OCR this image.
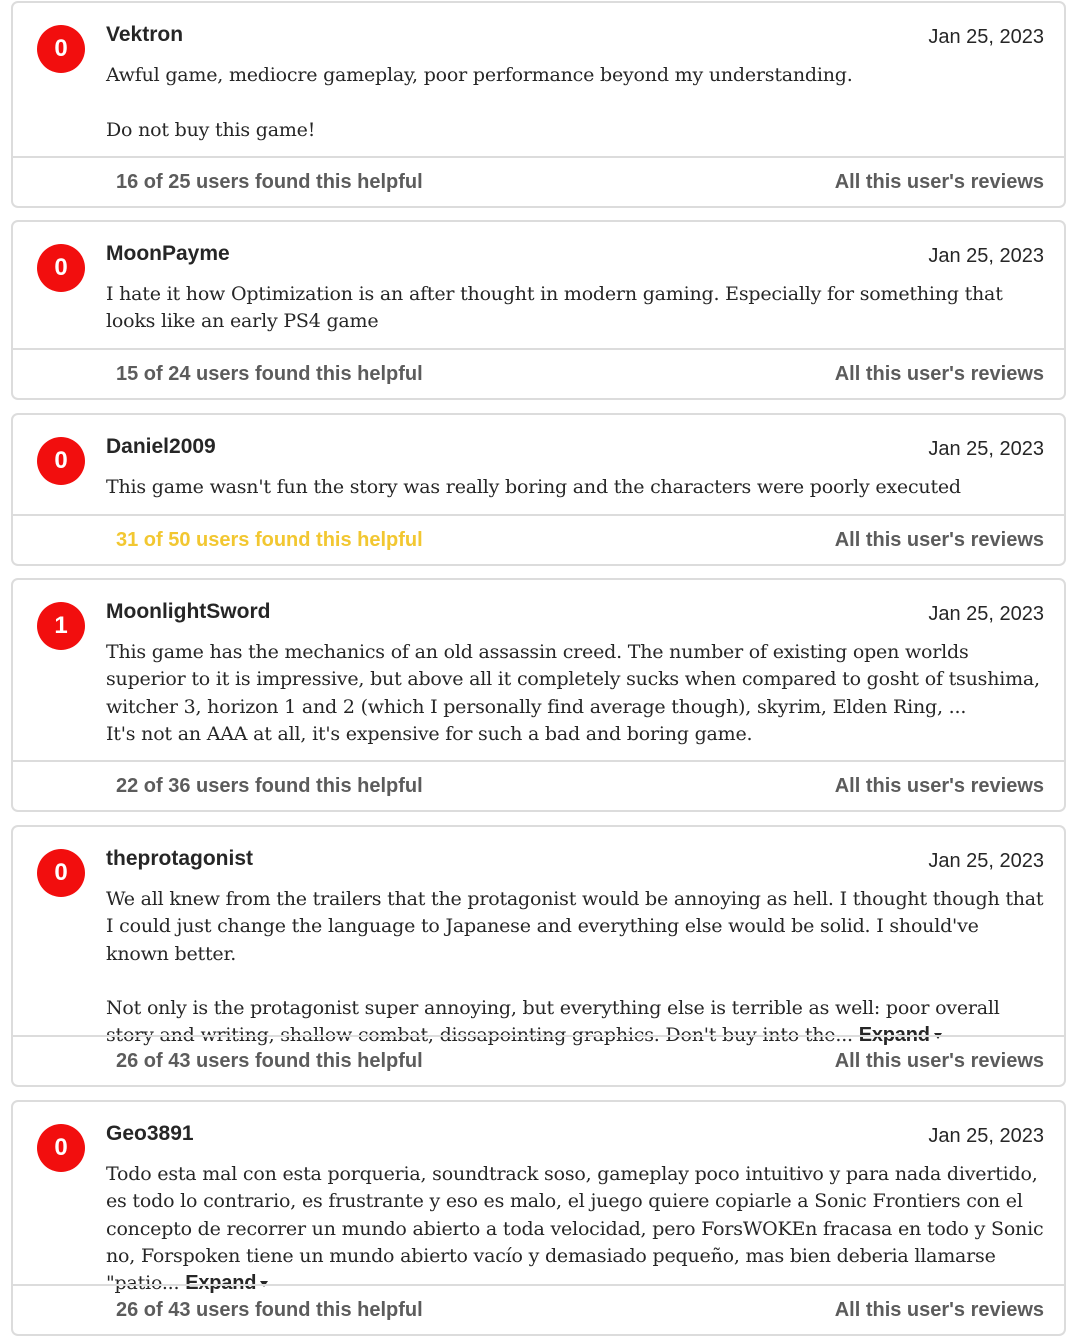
0
Vektron	Jan 25, 2023

Awful game, mediocre gameplay, poor performance beyond my understanding.

Do not buy this game!

16 of 25 users found this helpful	All this user's reviews
0
MoonPayme	Jan 25, 2023

I hate it how Optimization is an after thought in modern gaming. Especially for something that looks like an early PS4 game

15 of 24 users found this helpful	All this user's reviews
0
Daniel2009	Jan 25, 2023

This game wasn't fun the story was really boring and the characters were poorly executed

31 of 50 users found this helpful	All this user's reviews
1
MoonlightSword	Jan 25, 2023

This game has the mechanics of an old assassin creed. The number of existing open worlds superior to it is impressive, but above all it completely sucks when compared to gosht of tsushima, witcher 3, horizon 1 and 2 (which I personally find average though), skyrim, Elden Ring, ...
It's not an AAA at all, it's expensive for such a bad and boring game.

22 of 36 users found this helpful	All this user's reviews
0
theprotagonist	Jan 25, 2023

We all knew from the trailers that the protagonist would be annoying as hell. I thought though that I could just change the language to Japanese and everything else would be solid. I should've known better.

Not only is the protagonist super annoying, but everything else is terrible as well: poor overall story and writing, shallow combat, dissapointing graphics. Don't buy into the... Expand

26 of 43 users found this helpful	All this user's reviews
0
Geo3891	Jan 25, 2023

Todo esta mal con esta porqueria, soundtrack soso, gameplay poco intuitivo y para nada divertido, es todo lo contrario, es frustrante y eso es malo, el juego quiere copiarle a Sonic Frontiers con el concepto de recorrer un mundo abierto a toda velocidad, pero ForsWOKEn fracasa en todo y Sonic no, Forspoken tiene un mundo abierto vacío y demasiado pequeño, mas bien deberia llamarse "patio... Expand

26 of 43 users found this helpful	All this user's reviews
